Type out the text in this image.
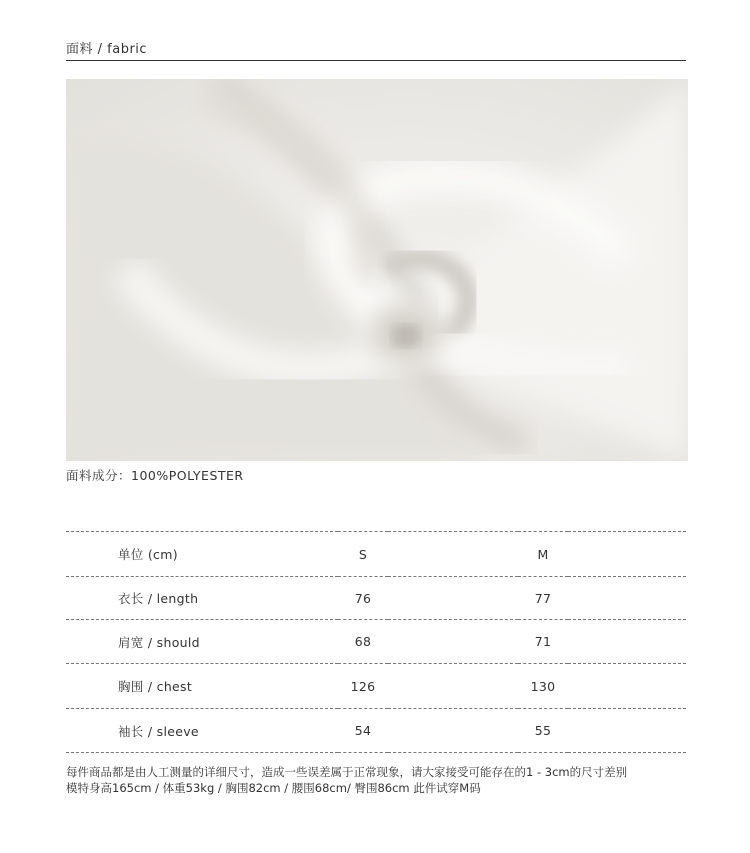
面料 / fabric
面料成分：100%POLYESTER
单位 (cm)	S		M	
衣长 / length	76		77	
肩宽 / should	68		71	
胸围 / chest	126		130	
袖长 / sleeve	54		55	
每件商品都是由人工测量的详细尺寸，造成一些误差属于正常现象，请大家接受可能存在的1 - 3cm的尺寸差别
模特身高165cm / 体重53kg / 胸围82cm / 腰围68cm/ 臀围86cm 此件试穿M码
